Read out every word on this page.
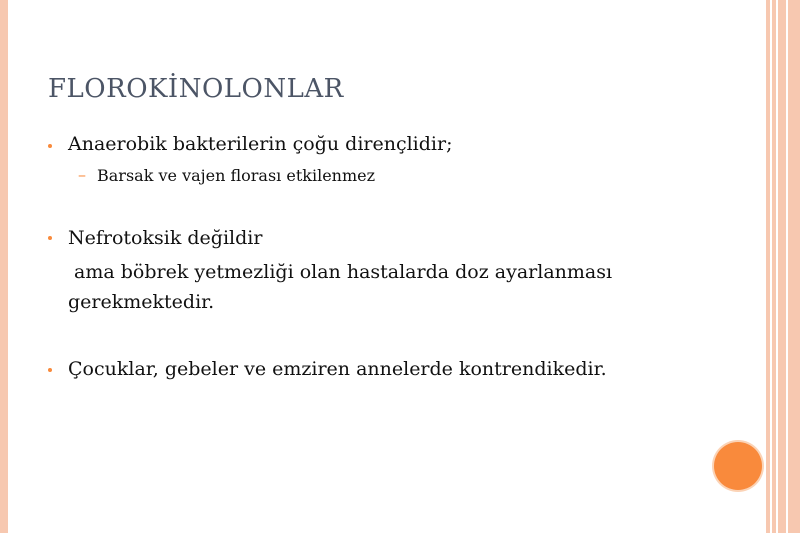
FLOROKİNOLONLAR
Anaerobik bakterilerin çoğu dirençlidir;
– Barsak ve vajen florası etkilenmez
Nefrotoksik değildir
ama böbrek yetmezliği olan hastalarda doz ayarlanması
gerekmektedir.
Çocuklar, gebeler ve emziren annelerde kontrendikedir.
